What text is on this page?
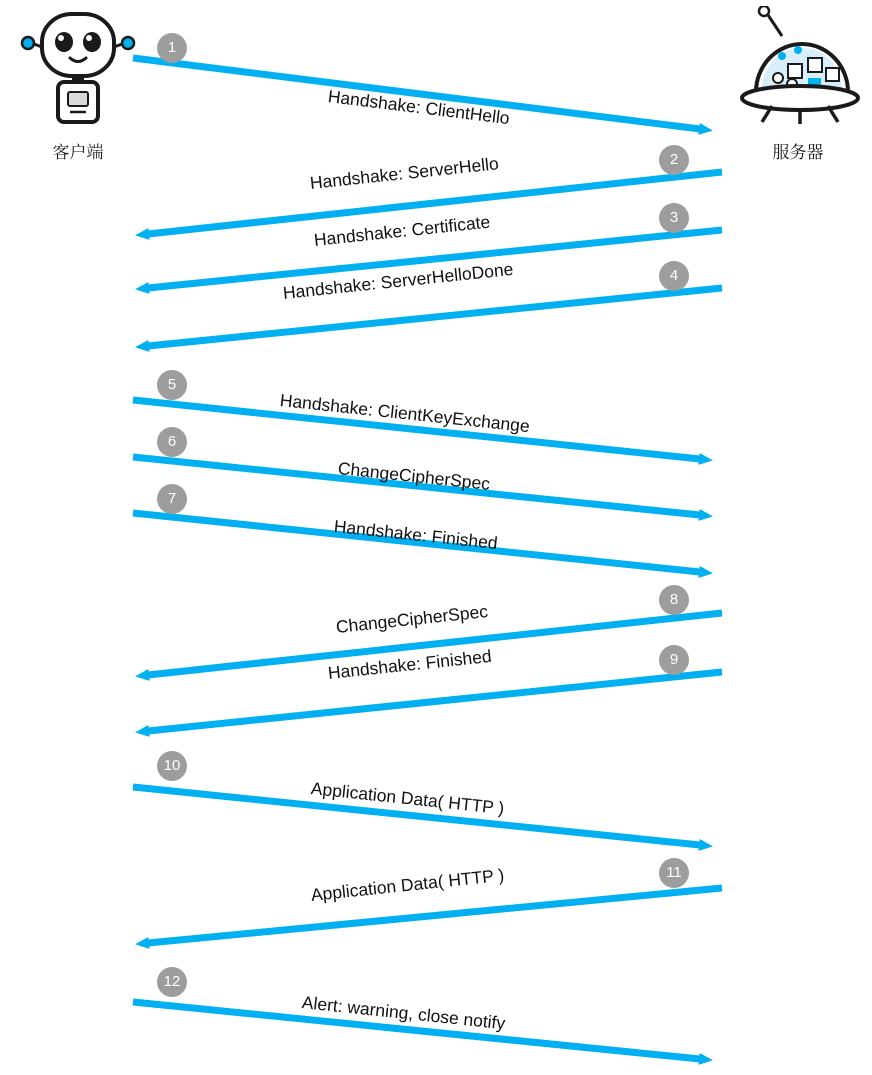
客户端	服务器
1
2
3
4
5
6
7
8
9
10
11
12
Handshake: ClientHello
Handshake: ServerHello
Handshake: Certificate
Handshake: ServerHelloDone
Handshake: ClientKeyExchange
ChangeCipherSpec
Handshake: Finished
ChangeCipherSpec
Handshake: Finished
Application Data( HTTP )
Application Data( HTTP )
Alert: warning, close notify
